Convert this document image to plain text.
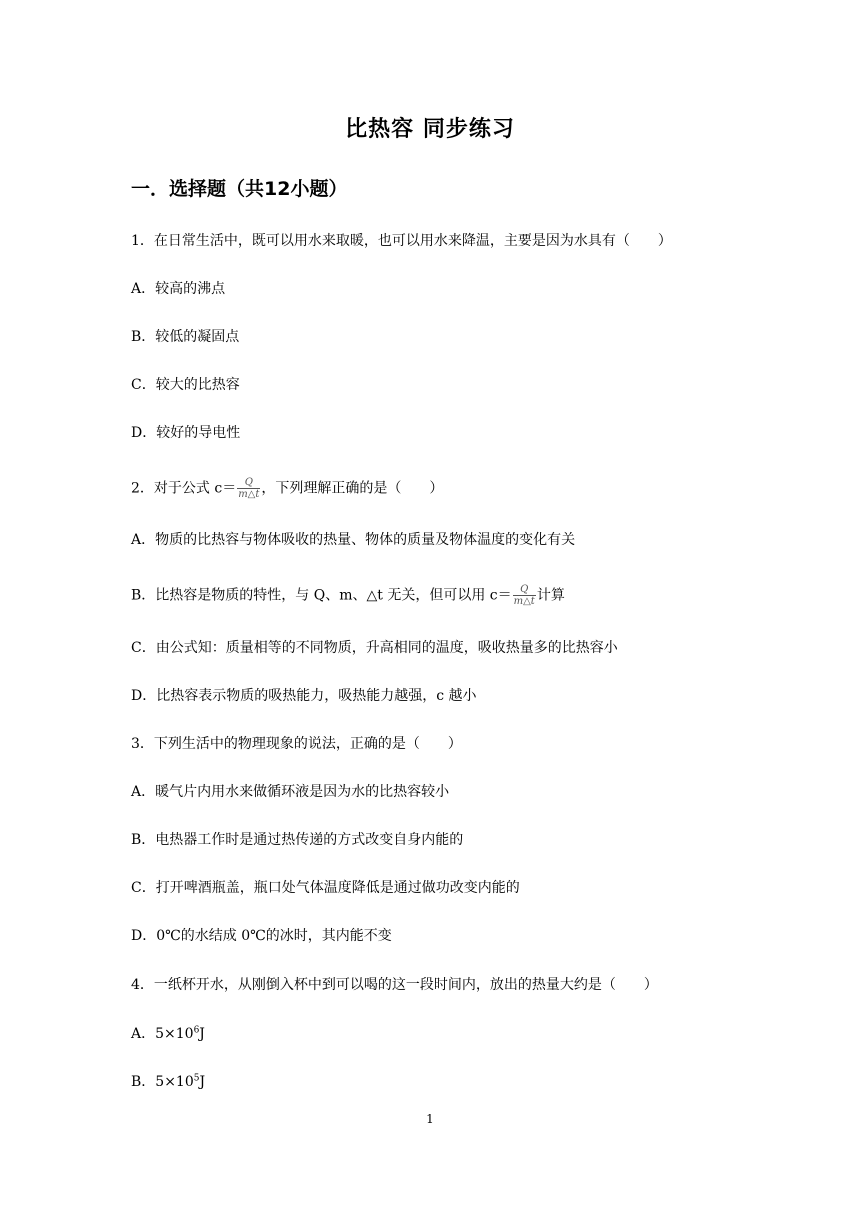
比热容 同步练习
一．选择题（共12小题）
1．在日常生活中，既可以用水来取暖，也可以用水来降温，主要是因为水具有（　　）
A．较高的沸点
B．较低的凝固点
C．较大的比热容
D．较好的导电性
2．对于公式 $c= \frac{Q}{m\triangle t}$ ，下列理解正确的是（　　）
A．物质的比热容与物体吸收的热量、物体的质量及物体温度的变化有关
B．比热容是物质的特性，与 Q、m、△t 无关，但可以用 $c= \frac{Q}{m\triangle t}$ 计算
C．由公式知：质量相等的不同物质，升高相同的温度，吸收热量多的比热容小
D．比热容表示物质的吸热能力，吸热能力越强，c 越小
3．下列生活中的物理现象的说法，正确的是（　　）
A．暖气片内用水来做循环液是因为水的比热容较小
B．电热器工作时是通过热传递的方式改变自身内能的
C．打开啤酒瓶盖，瓶口处气体温度降低是通过做功改变内能的
D．0℃的水结成 0℃的冰时，其内能不变
4．一纸杯开水，从刚倒入杯中到可以喝的这一段时间内，放出的热量大约是（　　）
A．$5\times 10^6J$
B．$5\times 10^5J$
1
